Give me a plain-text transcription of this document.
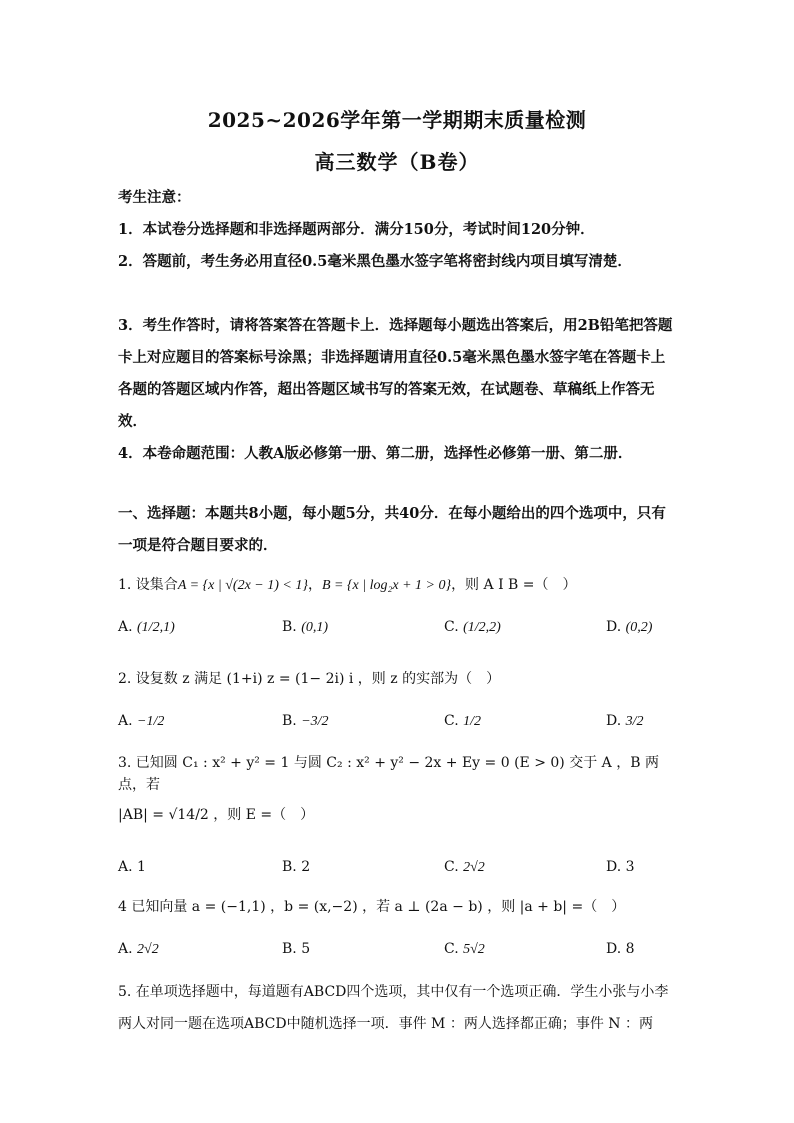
2025~2026学年第一学期期末质量检测
高三数学（B卷）
考生注意：
1．本试卷分选择题和非选择题两部分．满分150分，考试时间120分钟．
2．答题前，考生务必用直径0.5毫米黑色墨水签字笔将密封线内项目填写清楚．
3．考生作答时，请将答案答在答题卡上．选择题每小题选出答案后，用2B铅笔把答题卡上对应题目的答案标号涂黑；非选择题请用直径0.5毫米黑色墨水签字笔在答题卡上各题的答题区域内作答，超出答题区域书写的答案无效，在试题卷、草稿纸上作答无效．
4．本卷命题范围：人教A版必修第一册、第二册，选择性必修第一册、第二册．
一、选择题：本题共8小题，每小题5分，共40分．在每小题给出的四个选项中，只有一项是符合题目要求的．
1. 设集合A = {x | √(2x − 1) < 1}，B = {x | log₂x + 1 > 0}，则 A I B =（　）
A. (1/2,1)	B. (0,1)	C. (1/2,2)	D. (0,2)
2. 设复数 z 满足 (1+i) z = (1− 2i) i ，则 z 的实部为（　）
A. −1/2	B. −3/2	C. 1/2	D. 3/2
3. 已知圆 C₁ : x² + y² = 1 与圆 C₂ : x² + y² − 2x + Ey = 0 (E > 0) 交于 A ，B 两点，若
|AB| = √14/2 ，则 E =（　）
A. 1	B. 2	C. 2√2	D. 3
4 已知向量 a = (−1,1) ，b = (x,−2) ，若 a ⊥ (2a − b) ，则 |a + b| =（　）
A. 2√2	B. 5	C. 5√2	D. 8
5. 在单项选择题中，每道题有ABCD四个选项，其中仅有一个选项正确．学生小张与小李两人对同一题在选项ABCD中随机选择一项．事件 M ：两人选择都正确；事件 N ：两
